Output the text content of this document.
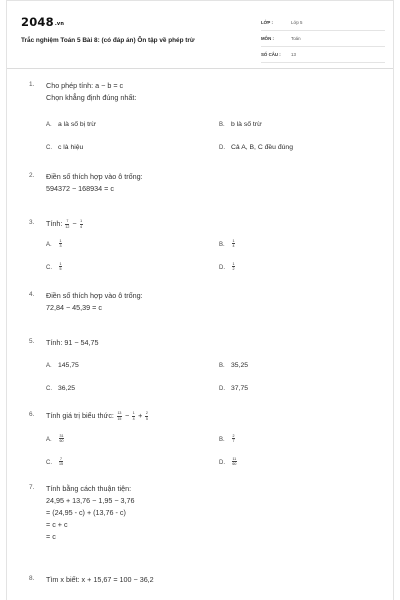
2048.vn
Trắc nghiệm Toán 5 Bài 8: (có đáp án) Ôn tập về phép trừ
LỚP :	Lớp 5
MÔN :	Toán
SỐ CÂU : 13
1. Cho phép tính: a − b = c
Chọn khẳng định đúng nhất:
A. a là số bị trừ	B. b là số trừ
C. c là hiệu	D. Cả A, B, C đều đúng
2. Điền số thích hợp vào ô trống:
594372 − 168934 = c
3. Tính: $\frac{7}{12} - \frac{1}{4}$
A. $\frac{1}{3}$	B. $\frac{1}{4}$
C. $\frac{1}{5}$	D. $\frac{1}{2}$
4. Điền số thích hợp vào ô trống:
72,84 − 45,39 = c
5. Tính: 91 − 54,75
A. 145,75	B. 35,25
C. 36,25	D. 37,75
6. Tính giá trị biểu thức: $\frac{13}{15} - \frac{1}{4} + \frac{2}{5}$
A. $\frac{31}{60}$	B. $\frac{2}{7}$
C. $\frac{7}{15}$	D. $\frac{11}{60}$
7. Tính bằng cách thuận tiện:
24,95 + 13,76 − 1,95 − 3,76
= (24,95 - c) + (13,76 - c)
= c + c
= c
8. Tìm x biết: x + 15,67 = 100 − 36,2
